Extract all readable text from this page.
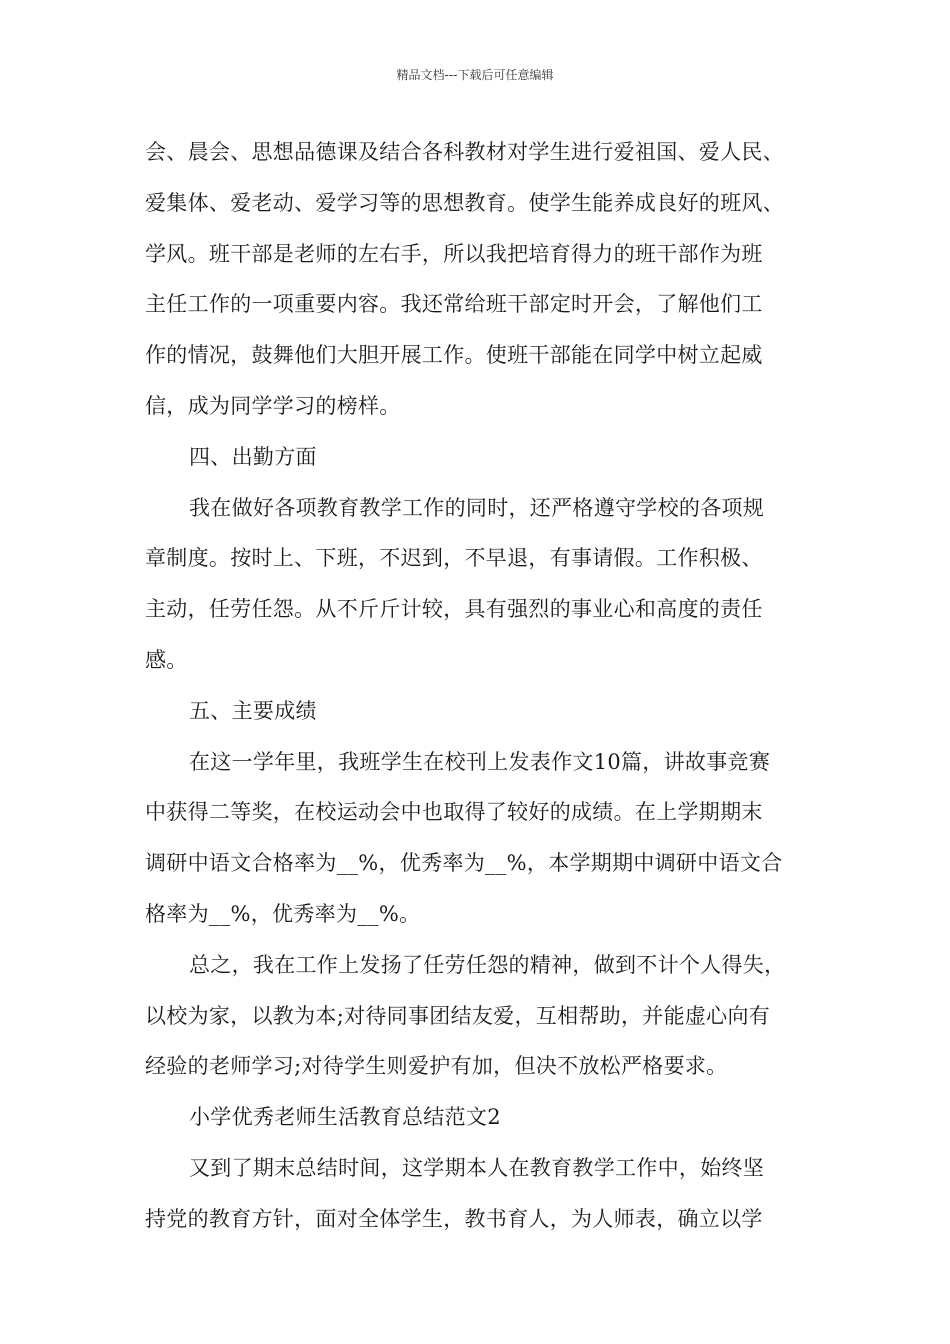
精品文档---下载后可任意编辑
会、晨会、思想品德课及结合各科教材对学生进行爱祖国、爱人民、
爱集体、爱老动、爱学习等的思想教育。使学生能养成良好的班风、
学风。班干部是老师的左右手，所以我把培育得力的班干部作为班
主任工作的一项重要内容。我还常给班干部定时开会，了解他们工
作的情况，鼓舞他们大胆开展工作。使班干部能在同学中树立起威
信，成为同学学习的榜样。
四、出勤方面
我在做好各项教育教学工作的同时，还严格遵守学校的各项规
章制度。按时上、下班，不迟到，不早退，有事请假。工作积极、
主动，任劳任怨。从不斤斤计较，具有强烈的事业心和高度的责任
感。
五、主要成绩
在这一学年里，我班学生在校刊上发表作文10篇，讲故事竞赛
中获得二等奖，在校运动会中也取得了较好的成绩。在上学期期末
调研中语文合格率为__%，优秀率为__%，本学期期中调研中语文合
格率为__%，优秀率为__%。
总之，我在工作上发扬了任劳任怨的精神，做到不计个人得失，
以校为家，以教为本;对待同事团结友爱，互相帮助，并能虚心向有
经验的老师学习;对待学生则爱护有加，但决不放松严格要求。
小学优秀老师生活教育总结范文2
又到了期末总结时间，这学期本人在教育教学工作中，始终坚
持党的教育方针，面对全体学生，教书育人，为人师表，确立以学
